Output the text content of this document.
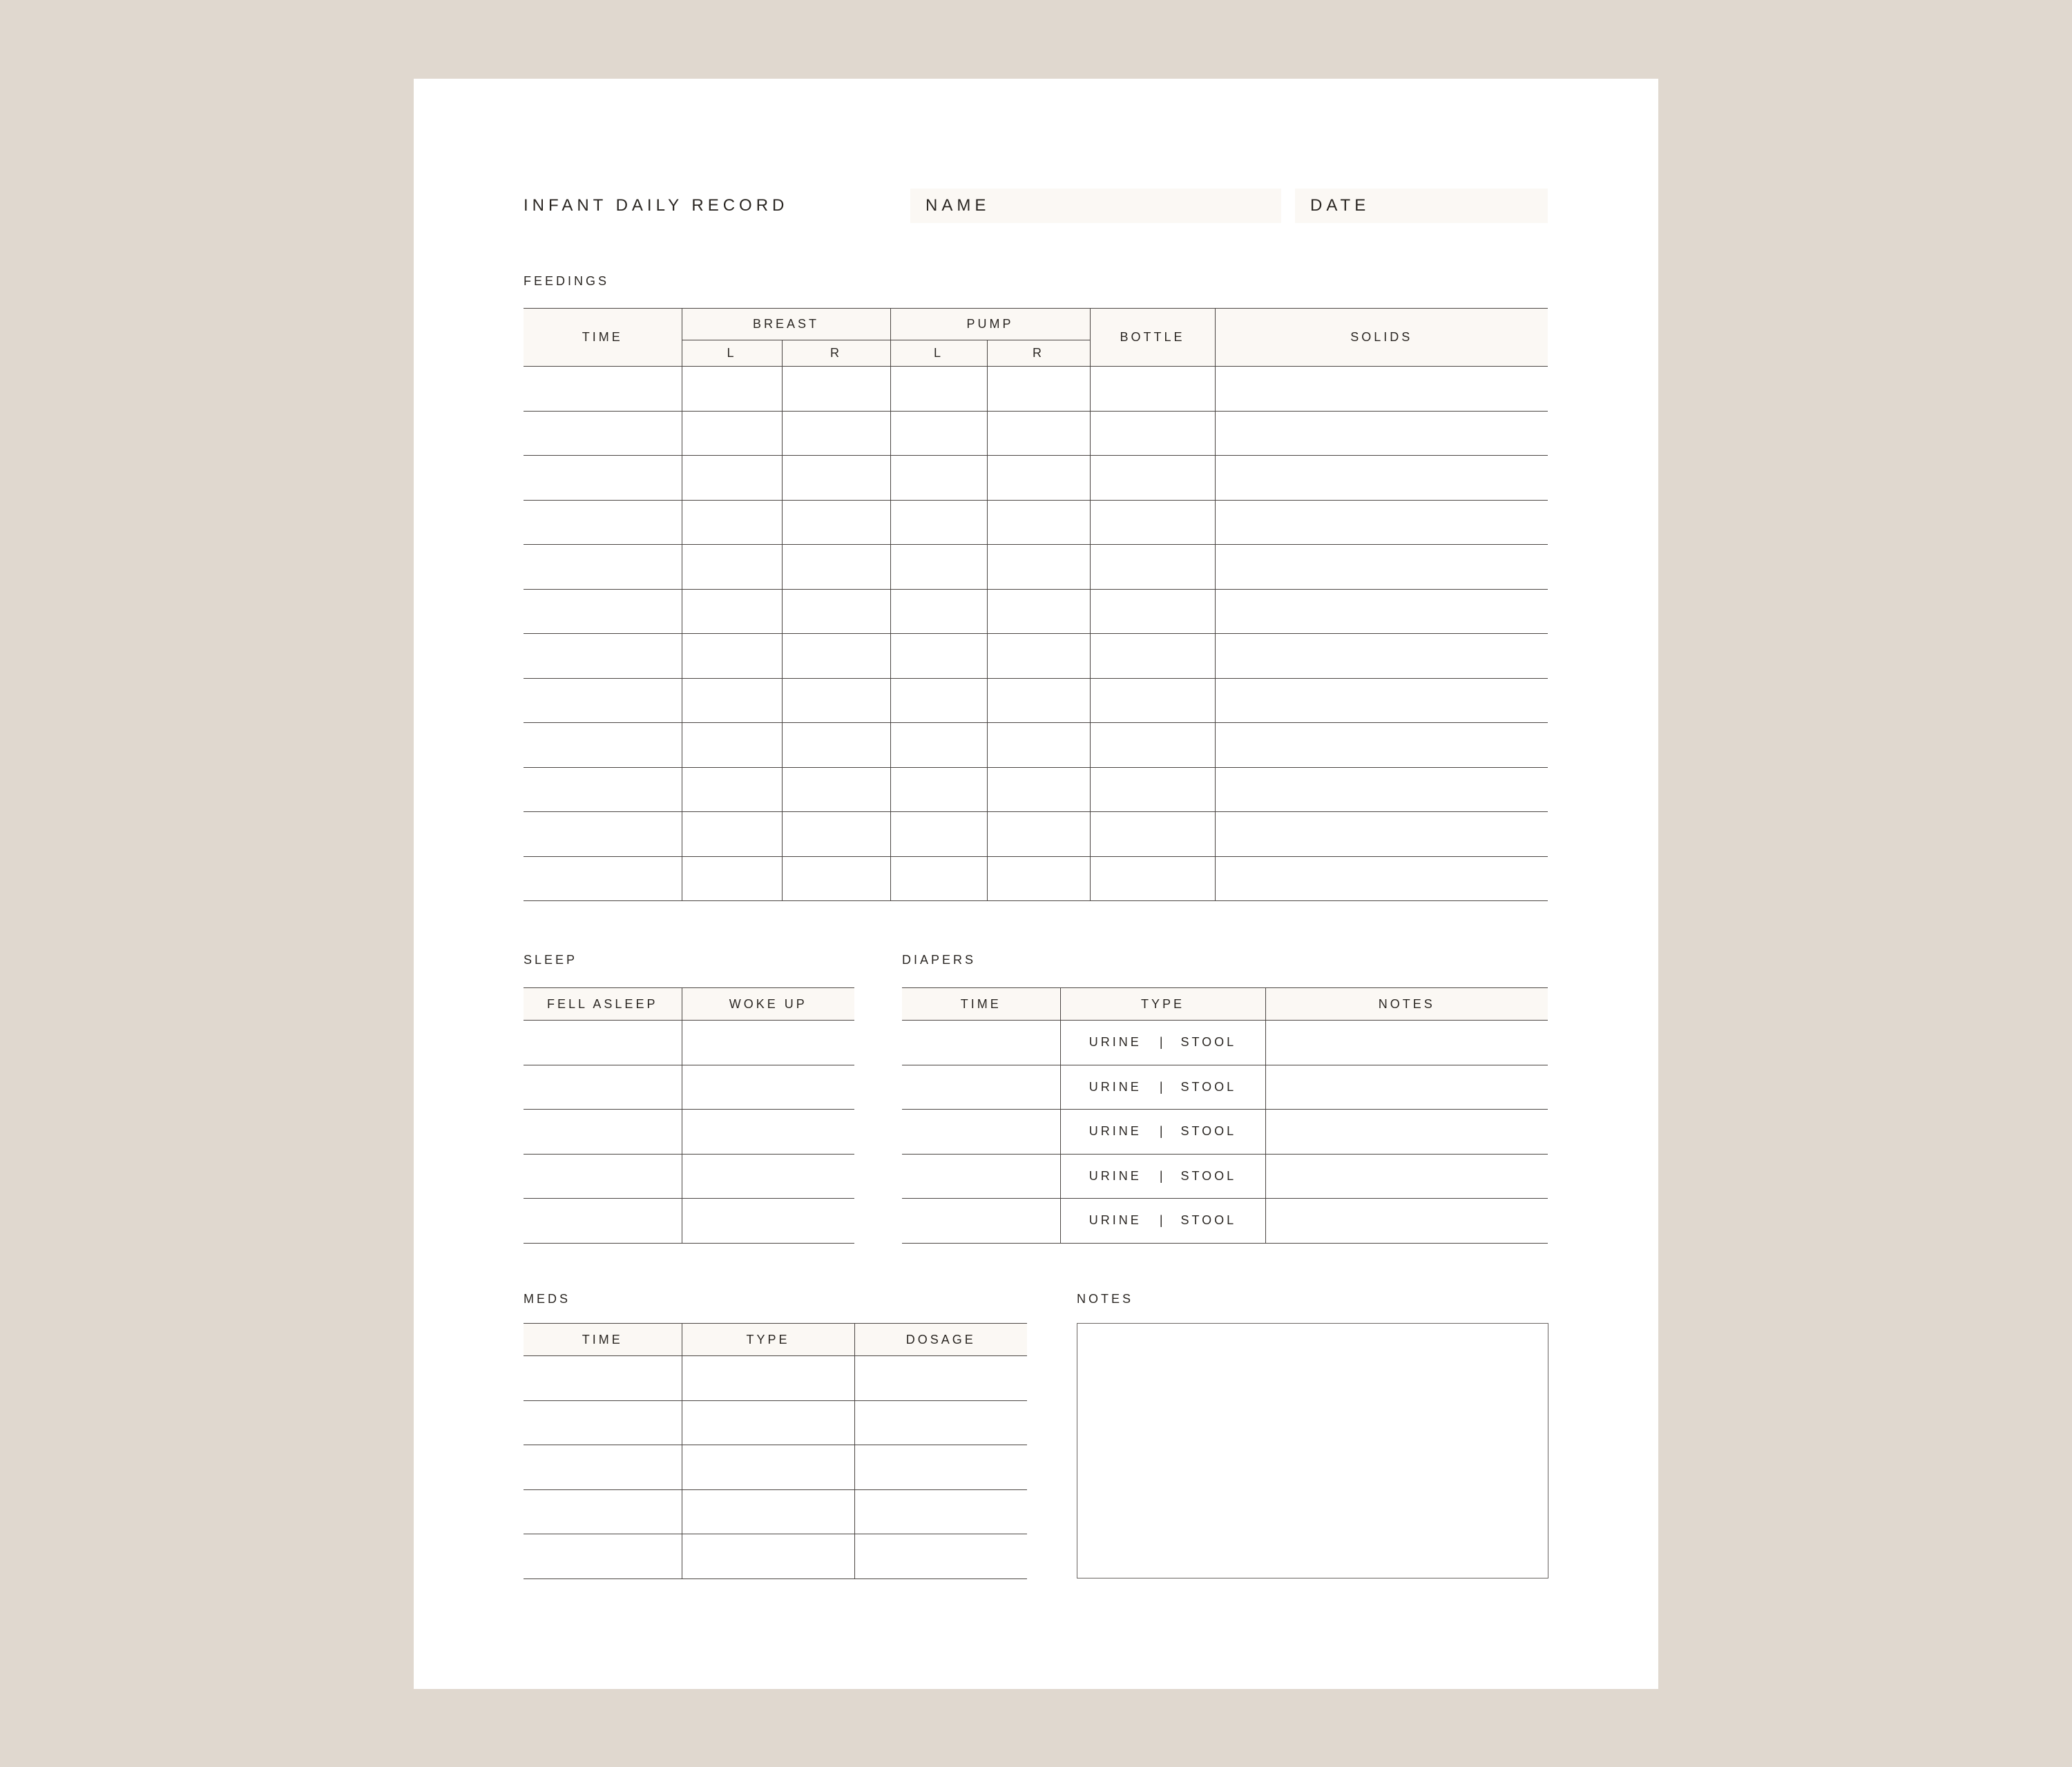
INFANT DAILY RECORD	NAME	DATE
FEEDINGS
TIME	BREAST		PUMP		BOTTLE	SOLIDS
	L	R	L	R		

SLEEP
FELL ASLEEP	WOKE UP

DIAPERS
TIME	TYPE	NOTES
	URINE | STOOL	
	URINE | STOOL	
	URINE | STOOL	
	URINE | STOOL	
	URINE | STOOL	
MEDS
TIME	TYPE	DOSAGE

NOTES
